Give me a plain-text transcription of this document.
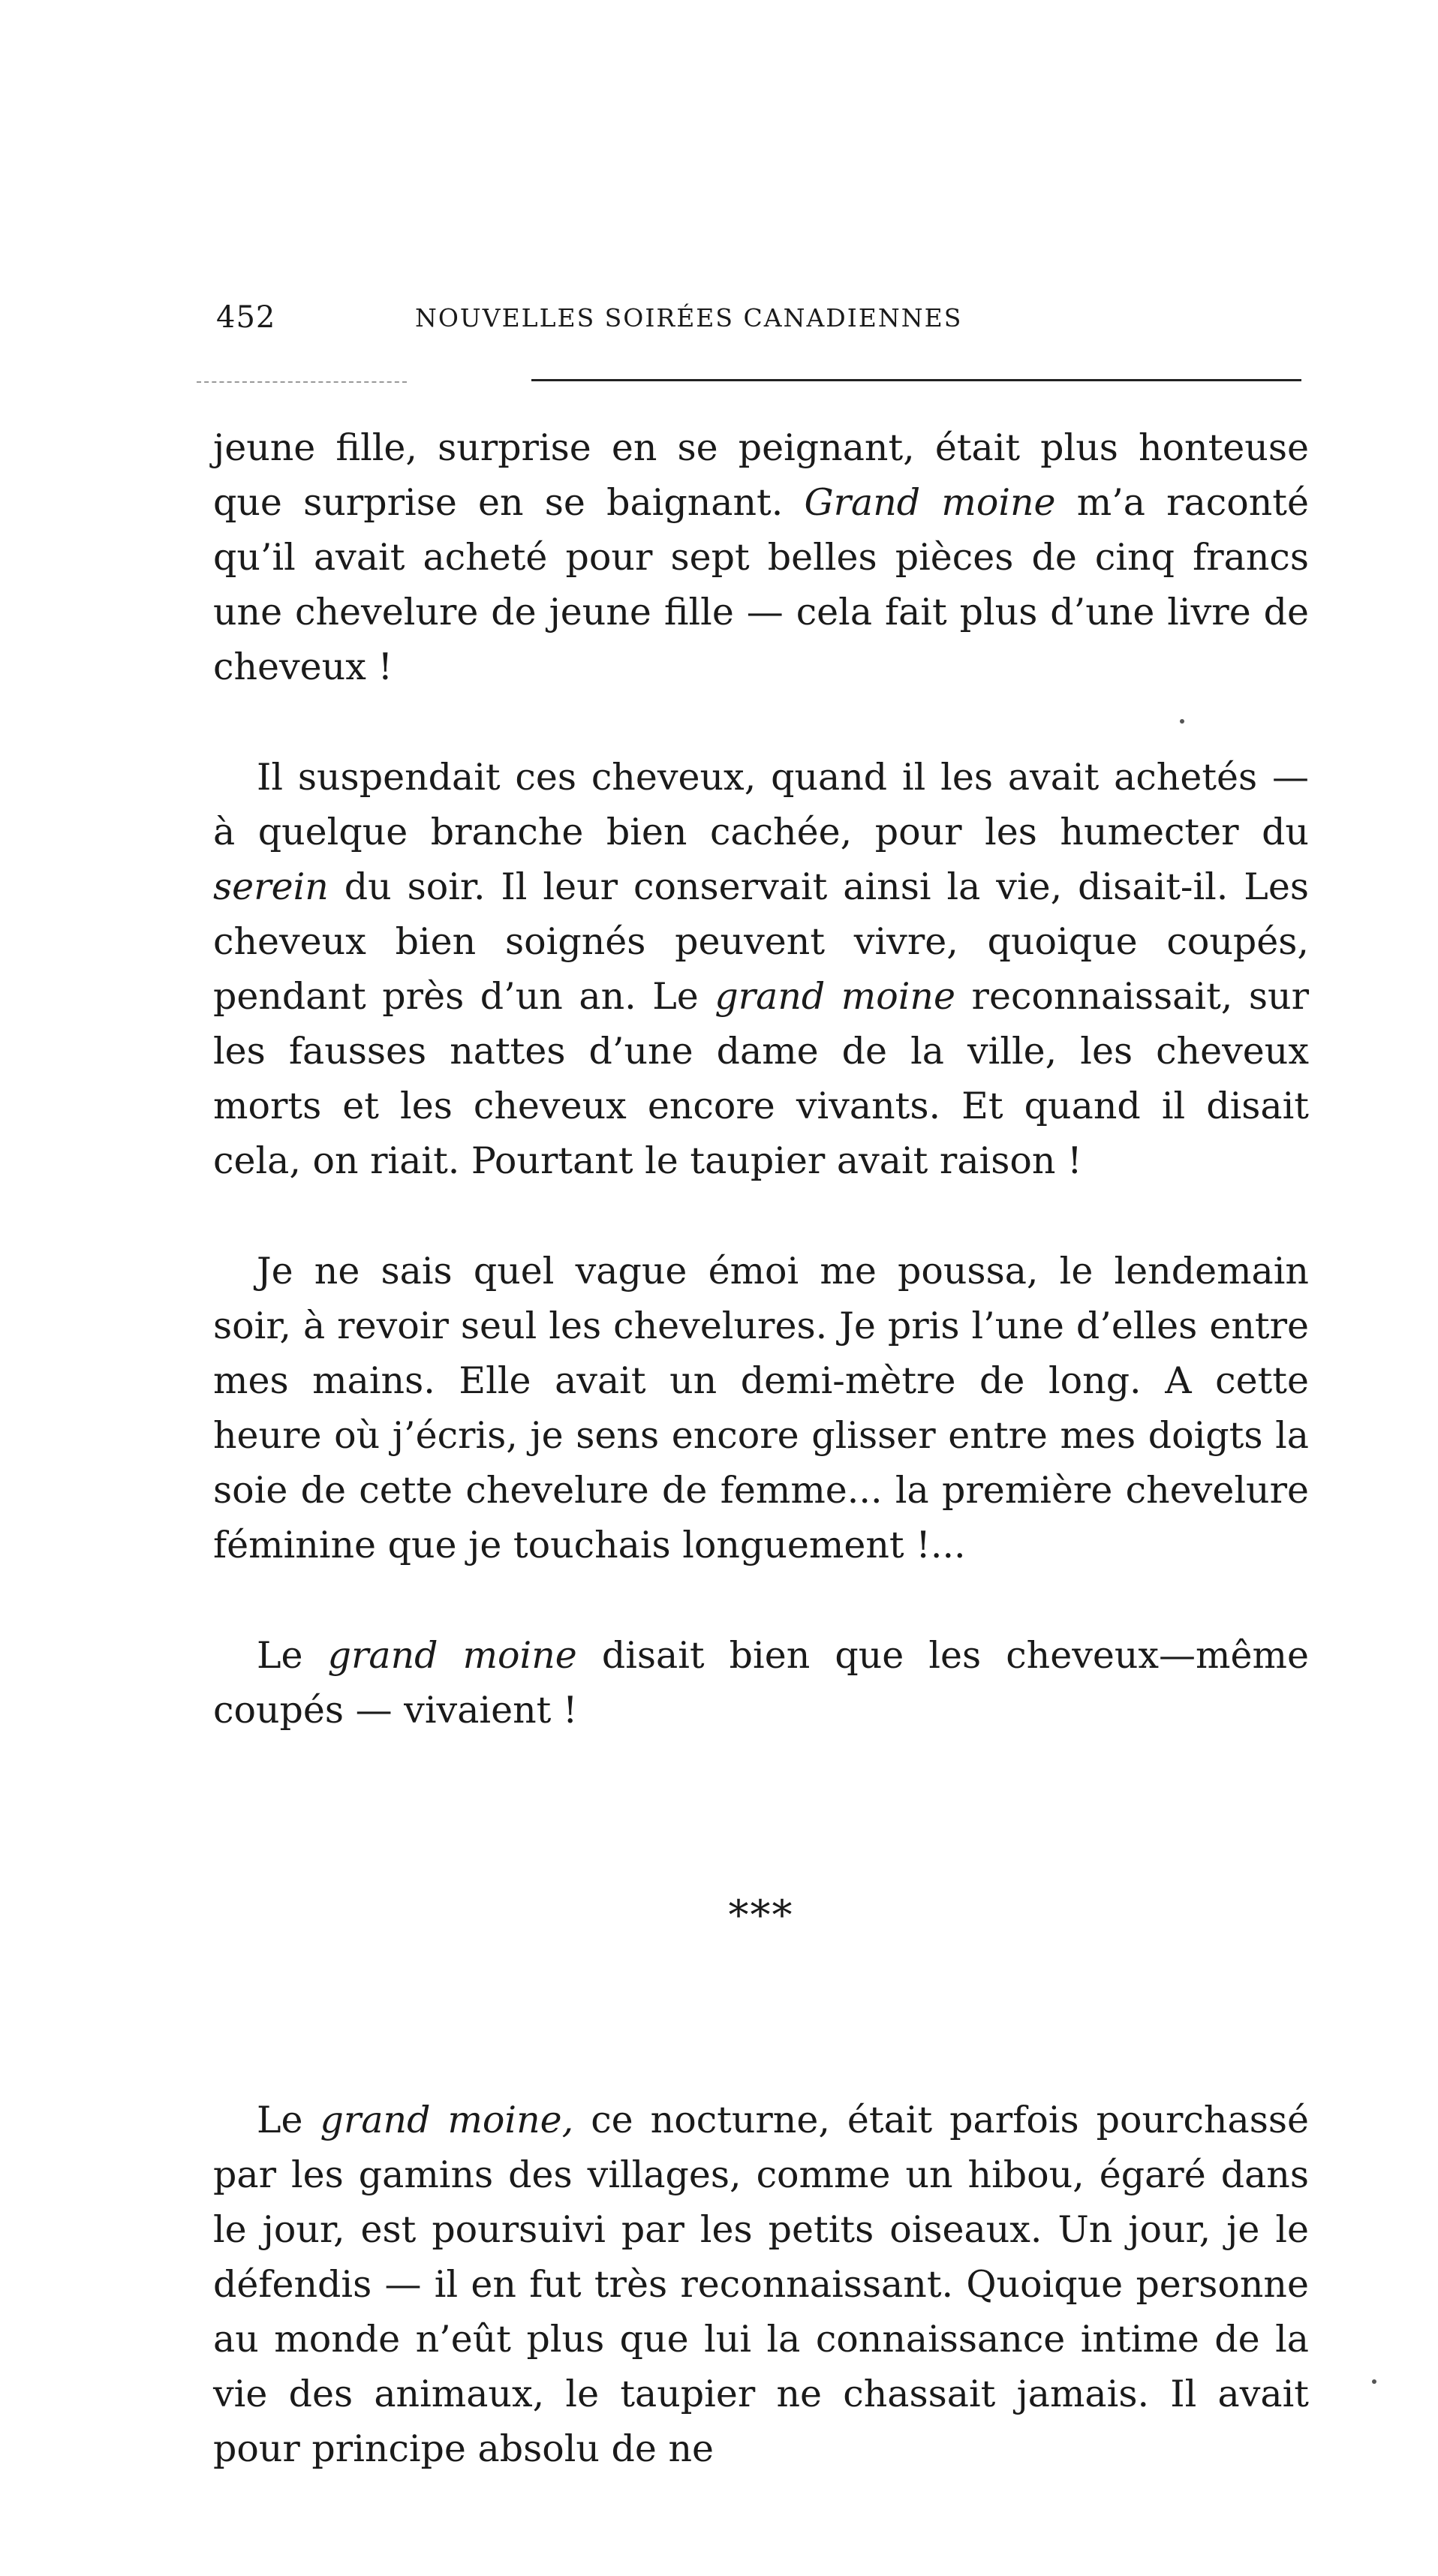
452	NOUVELLES SOIRÉES CANADIENNES

jeune fille, surprise en se peignant, était plus honteuse que surprise en se baignant. Grand moine m’a raconté qu’il avait acheté pour sept belles pièces de cinq francs une chevelure de jeune fille — cela fait plus d’une livre de cheveux !

Il suspendait ces cheveux, quand il les avait achetés — à quelque branche bien cachée, pour les humecter du serein du soir. Il leur conservait ainsi la vie, disait-il. Les cheveux bien soignés peuvent vivre, quoique coupés, pendant près d’un an. Le grand moine reconnaissait, sur les fausses nattes d’une dame de la ville, les cheveux morts et les cheveux encore vivants. Et quand il disait cela, on riait. Pourtant le taupier avait raison !

Je ne sais quel vague émoi me poussa, le lendemain soir, à revoir seul les chevelures. Je pris l’une d’elles entre mes mains. Elle avait un demi-mètre de long. A cette heure où j’écris, je sens encore glisser entre mes doigts la soie de cette chevelure de femme... la première chevelure féminine que je touchais longuement !...

Le grand moine disait bien que les cheveux—même coupés — vivaient !

***

Le grand moine, ce nocturne, était parfois pourchassé par les gamins des villages, comme un hibou, égaré dans le jour, est poursuivi par les petits oiseaux. Un jour, je le défendis — il en fut très reconnaissant. Quoique personne au monde n’eût plus que lui la connaissance intime de la vie des animaux, le taupier ne chassait jamais. Il avait pour principe absolu de ne
